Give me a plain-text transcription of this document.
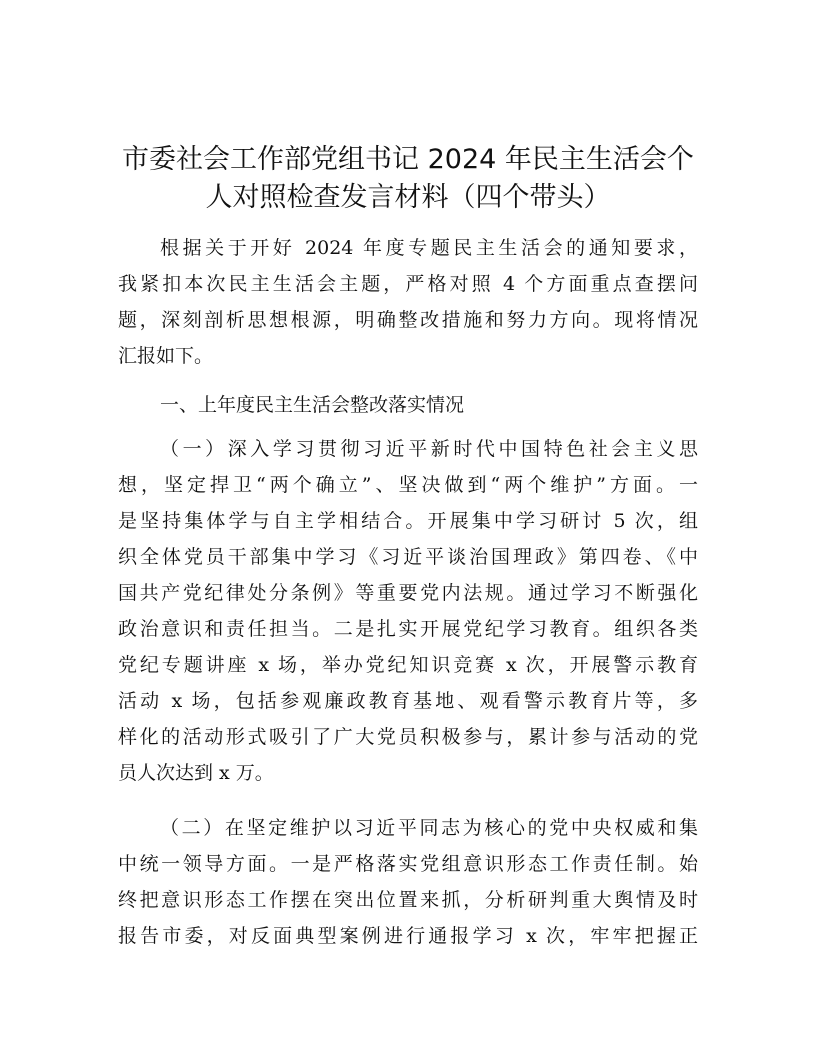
市委社会工作部党组书记 2024 年民主生活会个
人对照检查发言材料（四个带头）
根据关于开好 2024 年度专题民主生活会的通知要求，
我紧扣本次民主生活会主题，严格对照 4 个方面重点查摆问
题，深刻剖析思想根源，明确整改措施和努力方向。现将情况
汇报如下。
一、上年度民主生活会整改落实情况
（一）深入学习贯彻习近平新时代中国特色社会主义思
想，坚定捍卫“两个确立”、坚决做到“两个维护”方面。一
是坚持集体学与自主学相结合。开展集中学习研讨 5 次，组
织全体党员干部集中学习《习近平谈治国理政》第四卷、《中
国共产党纪律处分条例》等重要党内法规。通过学习不断强化
政治意识和责任担当。二是扎实开展党纪学习教育。组织各类
党纪专题讲座 x 场，举办党纪知识竞赛 x 次，开展警示教育
活动 x 场，包括参观廉政教育基地、观看警示教育片等，多
样化的活动形式吸引了广大党员积极参与，累计参与活动的党
员人次达到 x 万。
（二）在坚定维护以习近平同志为核心的党中央权威和集
中统一领导方面。一是严格落实党组意识形态工作责任制。始
终把意识形态工作摆在突出位置来抓，分析研判重大舆情及时
报告市委，对反面典型案例进行通报学习 x 次，牢牢把握正
